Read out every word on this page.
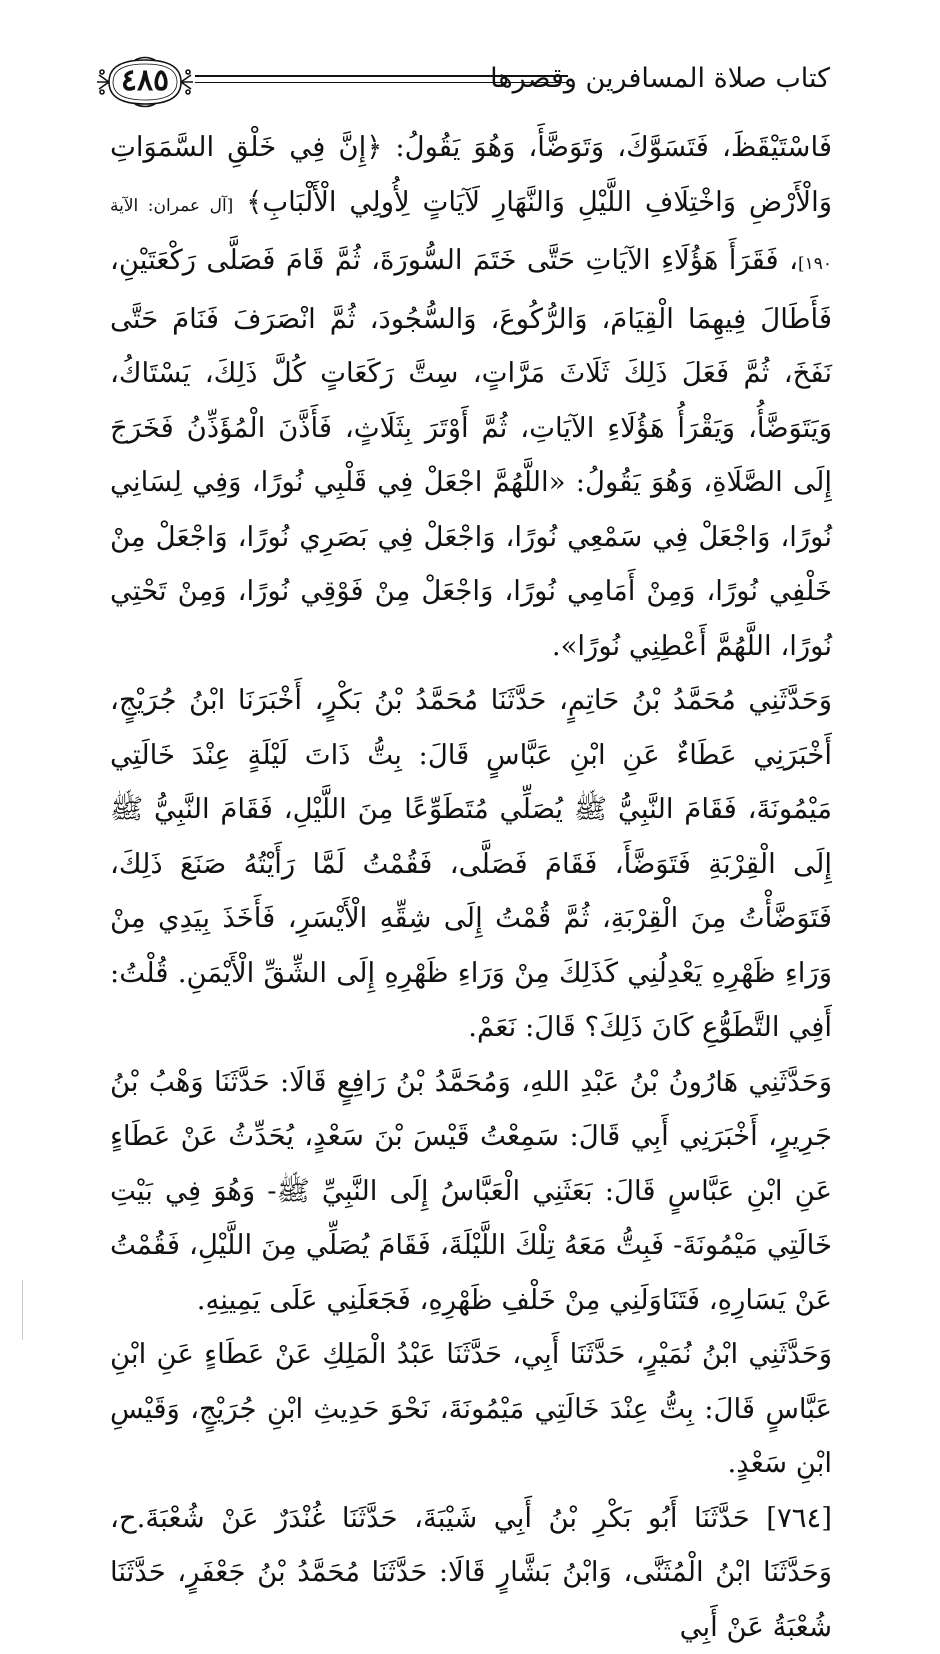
٤٨٥	كتاب صلاة المسافرين وقصرها

فَاسْتَيْقَظَ، فَتَسَوَّكَ، وَتَوَضَّأَ، وَهُوَ يَقُولُ: ﴿إِنَّ فِي خَلْقِ السَّمَوَاتِ وَالْأَرْضِ وَاخْتِلَافِ اللَّيْلِ وَالنَّهَارِ لَآيَاتٍ لِأُولِي الْأَلْبَابِ﴾ [آل عمران: الآية ١٩٠]، فَقَرَأَ هَؤُلَاءِ الآيَاتِ حَتَّى خَتَمَ السُّورَةَ، ثُمَّ قَامَ فَصَلَّى رَكْعَتَيْنِ، فَأَطَالَ فِيهِمَا الْقِيَامَ، وَالرُّكُوعَ، وَالسُّجُودَ، ثُمَّ انْصَرَفَ فَنَامَ حَتَّى نَفَخَ، ثُمَّ فَعَلَ ذَلِكَ ثَلَاثَ مَرَّاتٍ، سِتَّ رَكَعَاتٍ كُلَّ ذَلِكَ، يَسْتَاكُ، وَيَتَوَضَّأُ، وَيَقْرَأُ هَؤُلَاءِ الآيَاتِ، ثُمَّ أَوْتَرَ بِثَلَاثٍ، فَأَذَّنَ الْمُؤَذِّنُ فَخَرَجَ إِلَى الصَّلَاةِ، وَهُوَ يَقُولُ: «اللَّهُمَّ اجْعَلْ فِي قَلْبِي نُورًا، وَفِي لِسَانِي نُورًا، وَاجْعَلْ فِي سَمْعِي نُورًا، وَاجْعَلْ فِي بَصَرِي نُورًا، وَاجْعَلْ مِنْ خَلْفِي نُورًا، وَمِنْ أَمَامِي نُورًا، وَاجْعَلْ مِنْ فَوْقِي نُورًا، وَمِنْ تَحْتِي نُورًا، اللَّهُمَّ أَعْطِنِي نُورًا».

وَحَدَّثَنِي مُحَمَّدُ بْنُ حَاتِمٍ، حَدَّثَنَا مُحَمَّدُ بْنُ بَكْرٍ، أَخْبَرَنَا ابْنُ جُرَيْجٍ، أَخْبَرَنِي عَطَاءٌ عَنِ ابْنِ عَبَّاسٍ قَالَ: بِتُّ ذَاتَ لَيْلَةٍ عِنْدَ خَالَتِي مَيْمُونَةَ، فَقَامَ النَّبِيُّ ﷺ يُصَلِّي مُتَطَوِّعًا مِنَ اللَّيْلِ، فَقَامَ النَّبِيُّ ﷺ إِلَى الْقِرْبَةِ فَتَوَضَّأَ، فَقَامَ فَصَلَّى، فَقُمْتُ لَمَّا رَأَيْتُهُ صَنَعَ ذَلِكَ، فَتَوَضَّأْتُ مِنَ الْقِرْبَةِ، ثُمَّ قُمْتُ إِلَى شِقِّهِ الْأَيْسَرِ، فَأَخَذَ بِيَدِي مِنْ وَرَاءِ ظَهْرِهِ يَعْدِلُنِي كَذَلِكَ مِنْ وَرَاءِ ظَهْرِهِ إِلَى الشِّقِّ الْأَيْمَنِ. قُلْتُ: أَفِي التَّطَوُّعِ كَانَ ذَلِكَ؟ قَالَ: نَعَمْ.

وَحَدَّثَنِي هَارُونُ بْنُ عَبْدِ اللهِ، وَمُحَمَّدُ بْنُ رَافِعٍ قَالَا: حَدَّثَنَا وَهْبُ بْنُ جَرِيرٍ، أَخْبَرَنِي أَبِي قَالَ: سَمِعْتُ قَيْسَ بْنَ سَعْدٍ، يُحَدِّثُ عَنْ عَطَاءٍ عَنِ ابْنِ عَبَّاسٍ قَالَ: بَعَثَنِي الْعَبَّاسُ إِلَى النَّبِيِّ ﷺ- وَهُوَ فِي بَيْتِ خَالَتِي مَيْمُونَةَ- فَبِتُّ مَعَهُ تِلْكَ اللَّيْلَةَ، فَقَامَ يُصَلِّي مِنَ اللَّيْلِ، فَقُمْتُ عَنْ يَسَارِهِ، فَتَنَاوَلَنِي مِنْ خَلْفِ ظَهْرِهِ، فَجَعَلَنِي عَلَى يَمِينِهِ.

وَحَدَّثَنِي ابْنُ نُمَيْرٍ، حَدَّثَنَا أَبِي، حَدَّثَنَا عَبْدُ الْمَلِكِ عَنْ عَطَاءٍ عَنِ ابْنِ عَبَّاسٍ قَالَ: بِتُّ عِنْدَ خَالَتِي مَيْمُونَةَ، نَحْوَ حَدِيثِ ابْنِ جُرَيْجٍ، وَقَيْسِ ابْنِ سَعْدٍ.

[٧٦٤] حَدَّثَنَا أَبُو بَكْرِ بْنُ أَبِي شَيْبَةَ، حَدَّثَنَا غُنْدَرٌ عَنْ شُعْبَةَ.ح، وَحَدَّثَنَا ابْنُ الْمُثَنَّى، وَابْنُ بَشَّارٍ قَالَا: حَدَّثَنَا مُحَمَّدُ بْنُ جَعْفَرٍ، حَدَّثَنَا شُعْبَةُ عَنْ أَبِي
